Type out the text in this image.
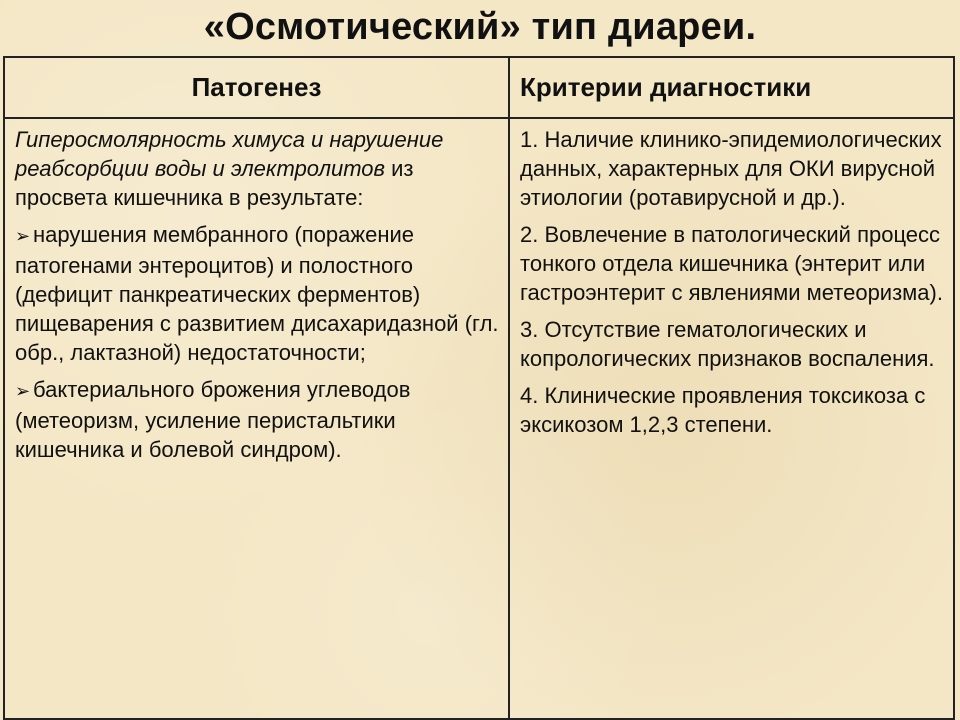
«Осмотический» тип диареи.
Патогенез	Критерии диагностики
Гиперосмолярность химуса и нарушение реабсорбции воды и электролитов из просвета кишечника в результате:
➢ нарушения мембранного (поражение патогенами энтероцитов) и полостного (дефицит панкреатических ферментов) пищеварения с развитием дисахаридазной (гл. обр., лактазной) недостаточности;
➢ бактериального брожения углеводов (метеоризм, усиление перистальтики кишечника и болевой синдром).
1. Наличие клинико-эпидемиологических данных, характерных для ОКИ вирусной этиологии (ротавирусной и др.).
2. Вовлечение в патологический процесс тонкого отдела кишечника (энтерит или гастроэнтерит с явлениями метеоризма).
3. Отсутствие гематологических и копрологических признаков воспаления.
4. Клинические проявления токсикоза с эксикозом 1,2,3 степени.
